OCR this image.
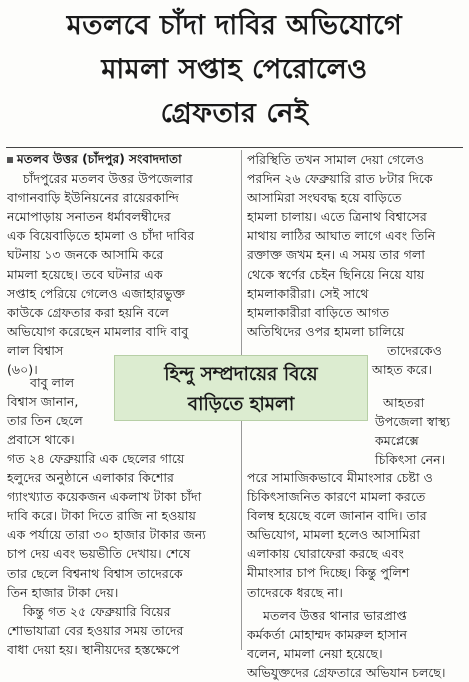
মতলবে চাঁদা দাবির অভিযোগে
মামলা সপ্তাহ পেরোলেও
গ্রেফতার নেই
মতলব উত্তর (চাঁদপুর) সংবাদদাতা
চাঁদপুরের মতলব উত্তর উপজেলার
বাগানবাড়ি ইউনিয়নের রায়েরকান্দি
নমোপাড়ায় সনাতন ধর্মাবলম্বীদের
এক বিয়েবাড়িতে হামলা ও চাঁদা দাবির
ঘটনায় ১৩ জনকে আসামি করে
মামলা হয়েছে। তবে ঘটনার এক
সপ্তাহ পেরিয়ে গেলেও এজাহারভুক্ত
কাউকে গ্রেফতার করা হয়নি বলে
অভিযোগ করেছেন মামলার বাদি বাবু
লাল বিশ্বাস
(৬০)।
বাবু লাল
বিশ্বাস জানান,
তার তিন ছেলে
প্রবাসে থাকে।
গত ২৪ ফেব্রুয়ারি এক ছেলের গায়ে
হলুদের অনুষ্ঠানে এলাকার কিশোর
গ্যাংখ্যাত কয়েকজন একলাখ টাকা চাঁদা
দাবি করে। টাকা দিতে রাজি না হওয়ায়
এক পর্যায়ে তারা ৩০ হাজার টাকার জন্য
চাপ দেয় এবং ভয়ভীতি দেখায়। শেষে
তার ছেলে বিশ্বনাথ বিশ্বাস তাদেরকে
তিন হাজার টাকা দেয়।
কিন্তু গত ২৫ ফেব্রুয়ারি বিয়ের
শোভাযাত্রা বের হওয়ার সময় তাদের
বাধা দেয়া হয়। স্থানীয়দের হস্তক্ষেপে
পরিস্থিতি তখন সামাল দেয়া গেলেও
পরদিন ২৬ ফেব্রুয়ারি রাত ৮টার দিকে
আসামিরা সংঘবদ্ধ হয়ে বাড়িতে
হামলা চালায়। এতে ত্রিনাথ বিশ্বাসের
মাথায় লাঠির আঘাত লাগে এবং তিনি
রক্তাক্ত জখম হন। এ সময় তার গলা
থেকে স্বর্ণের চেইন ছিনিয়ে নিয়ে যায়
হামলাকারীরা। সেই সাথে
হামলাকারীরা বাড়িতে আগত
অতিথিদের ওপর হামলা চালিয়ে
তাদেরকেও
আহত করে।
আহতরা
উপজেলা স্বাস্থ্য
কমপ্লেক্সে
চিকিৎসা নেন।
পরে সামাজিকভাবে মীমাংসার চেষ্টা ও
চিকিৎসাজনিত কারণে মামলা করতে
বিলম্ব হয়েছে বলে জানান বাদি। তার
অভিযোগ, মামলা হলেও আসামিরা
এলাকায় ঘোরাফেরা করছে এবং
মীমাংসার চাপ দিচ্ছে। কিন্তু পুলিশ
তাদেরকে ধরছে না।
মতলব উত্তর থানার ভারপ্রাপ্ত
কর্মকর্তা মোহাম্মদ কামরুল হাসান
বলেন, মামলা নেয়া হয়েছে।
অভিযুক্তদের গ্রেফতারে অভিযান চলছে।
হিন্দু সম্প্রদায়ের বিয়ে
বাড়িতে হামলা
